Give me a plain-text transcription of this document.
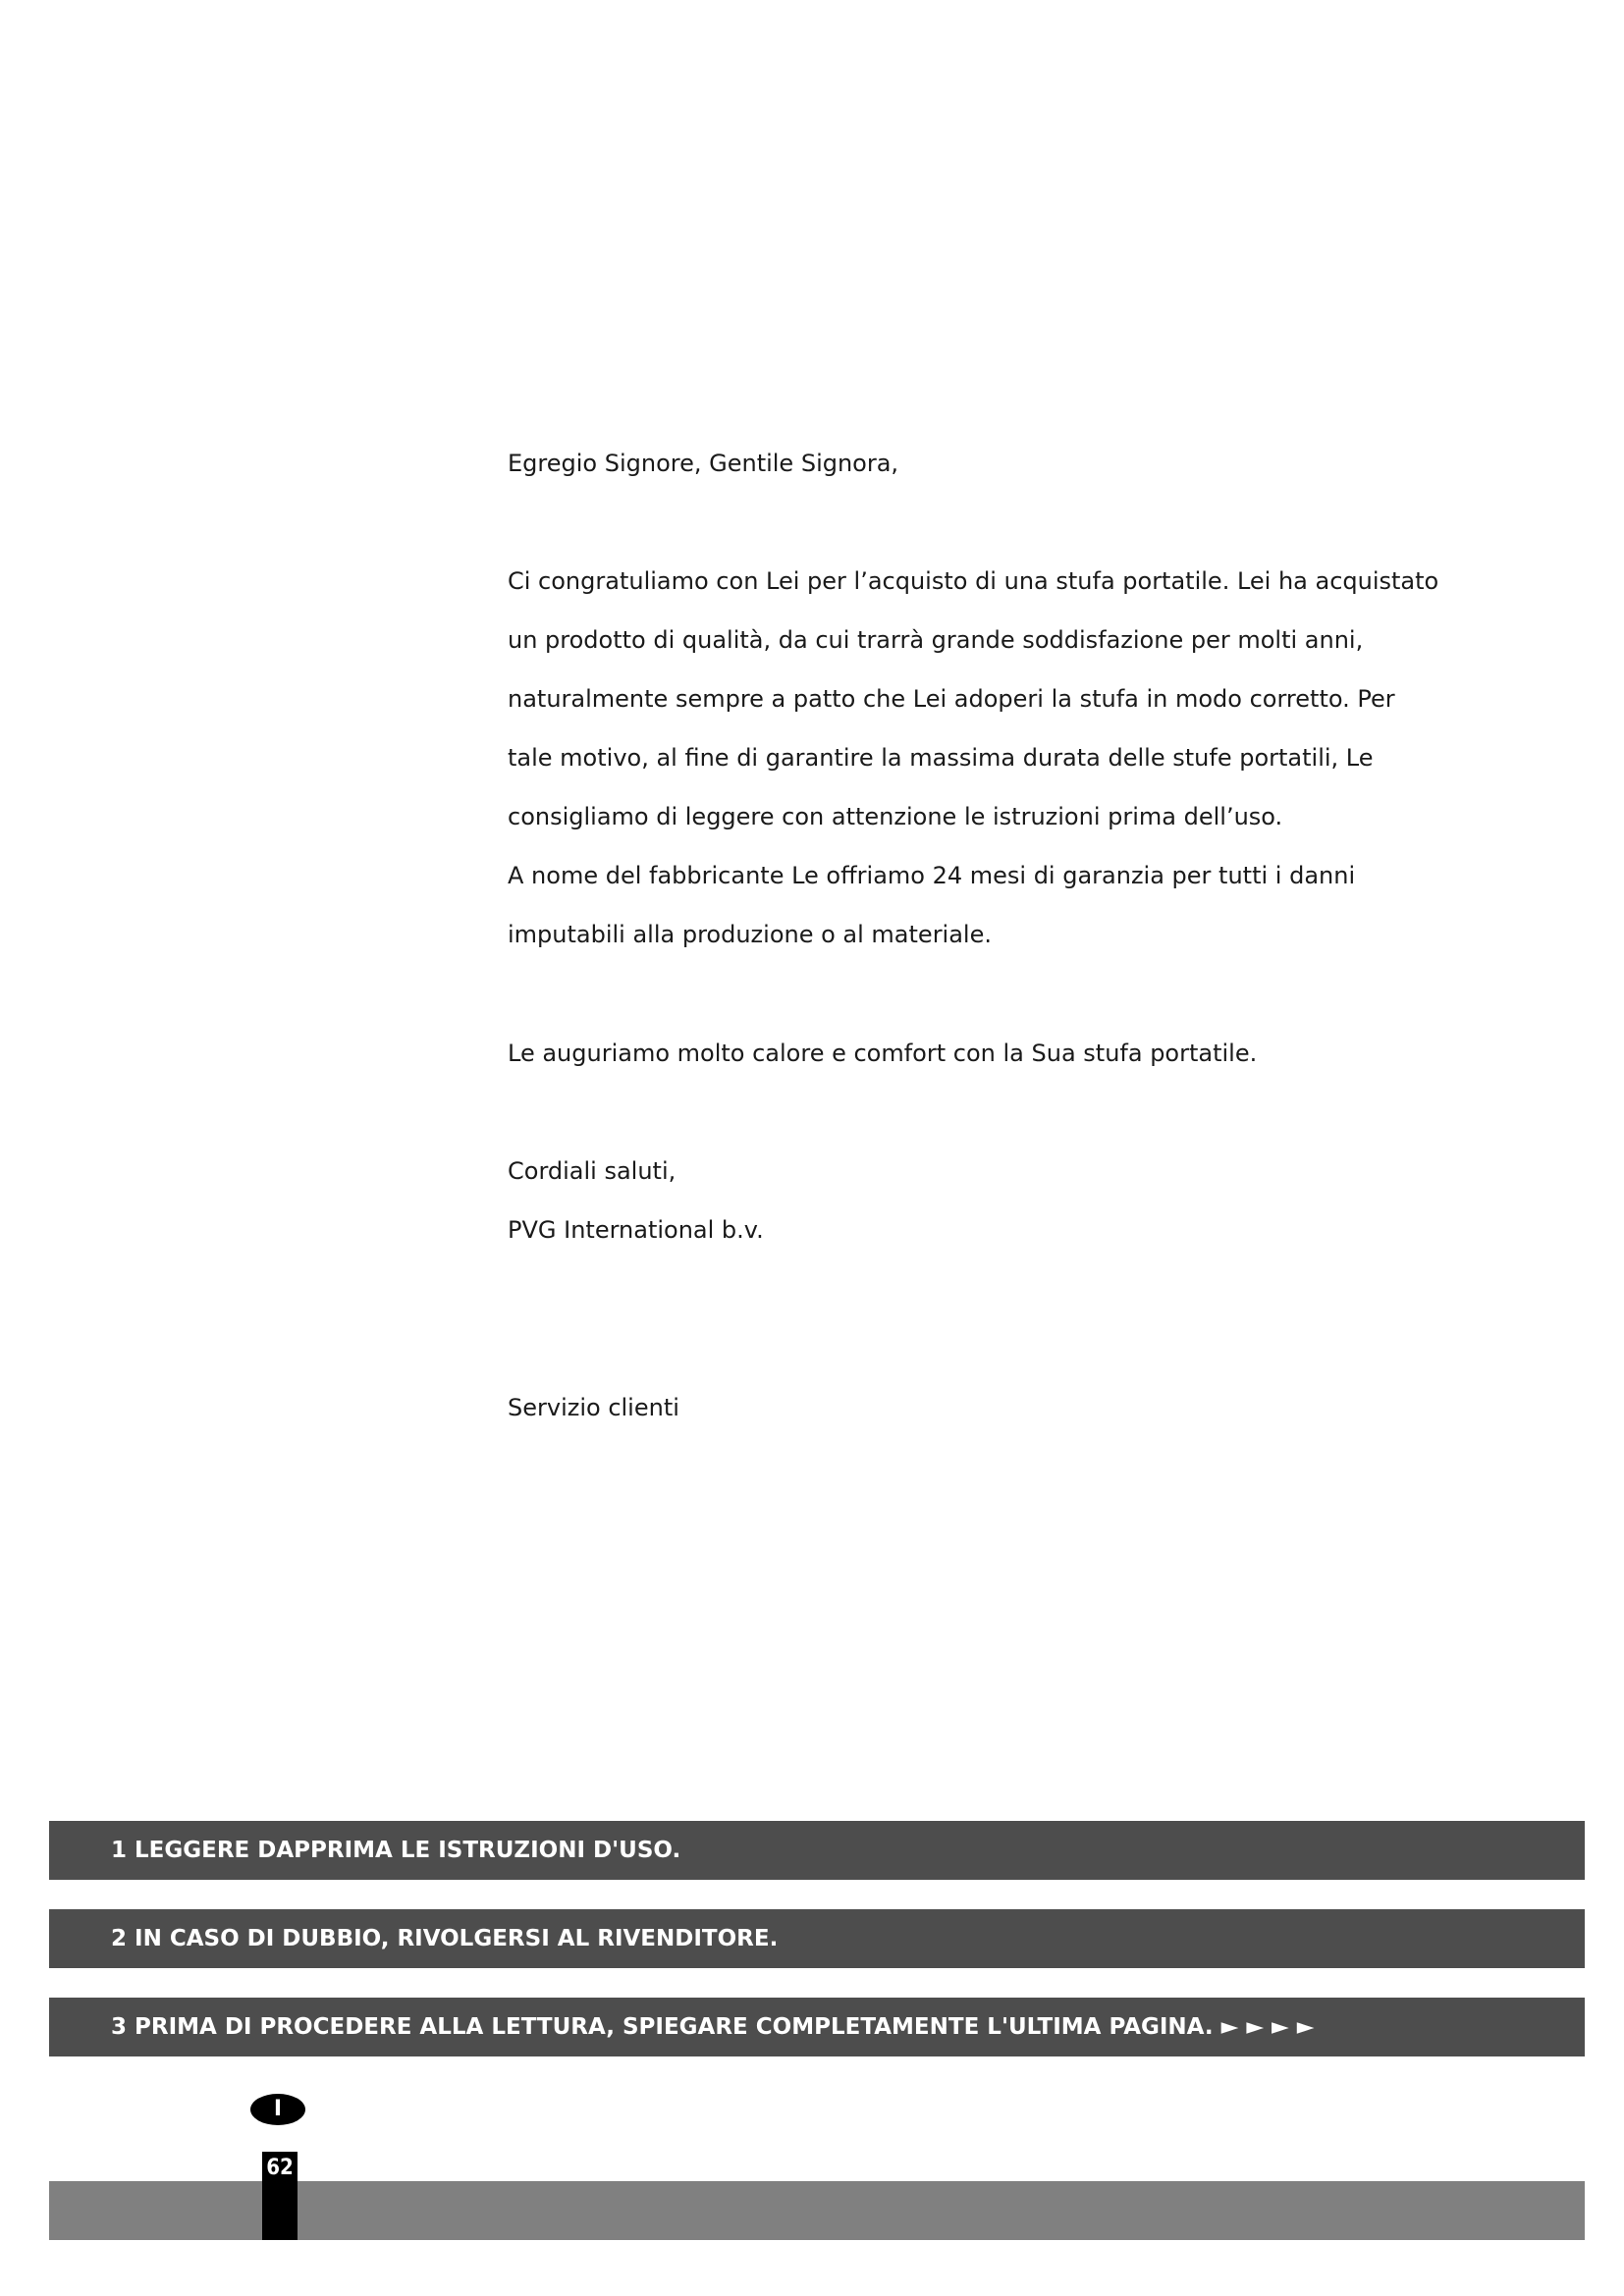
Egregio Signore, Gentile Signora,
Ci congratuliamo con Lei per l’acquisto di una stufa portatile. Lei ha acquistato
un prodotto di qualità, da cui trarrà grande soddisfazione per molti anni,
naturalmente sempre a patto che Lei adoperi la stufa in modo corretto. Per
tale motivo, al fine di garantire la massima durata delle stufe portatili, Le
consigliamo di leggere con attenzione le istruzioni prima dell’uso.
A nome del fabbricante Le offriamo 24 mesi di garanzia per tutti i danni
imputabili alla produzione o al materiale.
Le auguriamo molto calore e comfort con la Sua stufa portatile.
Cordiali saluti,
PVG International b.v.
Servizio clienti
1 LEGGERE DAPPRIMA LE ISTRUZIONI D'USO.
2 IN CASO DI DUBBIO, RIVOLGERSI AL RIVENDITORE.
3 PRIMA DI PROCEDERE ALLA LETTURA, SPIEGARE COMPLETAMENTE L'ULTIMA PAGINA. ► ► ► ►
I
62
